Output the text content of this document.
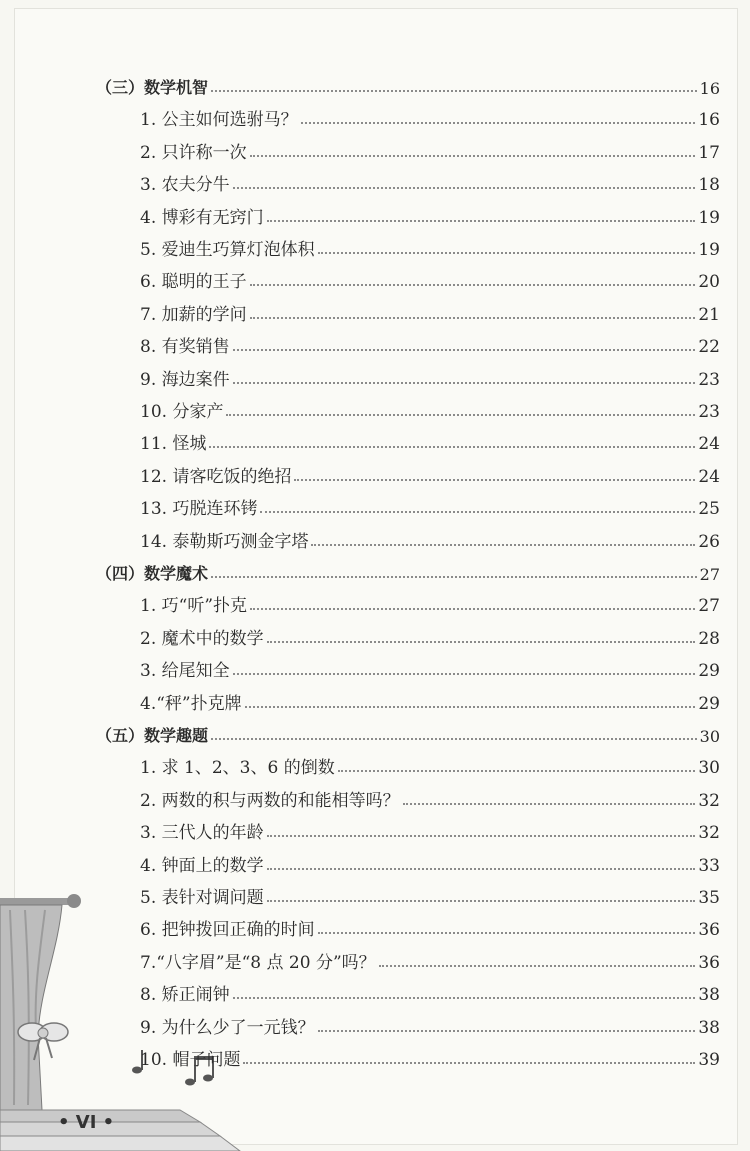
（三）数学机智	16
1. 公主如何选驸马？	16
2. 只许称一次	17
3. 农夫分牛	18
4. 博彩有无窍门	19
5. 爱迪生巧算灯泡体积	19
6. 聪明的王子	20
7. 加薪的学问	21
8. 有奖销售	22
9. 海边案件	23
10. 分家产	23
11. 怪城	24
12. 请客吃饭的绝招	24
13. 巧脱连环铐	25
14. 泰勒斯巧测金字塔	26
（四）数学魔术	27
1. 巧“听”扑克	27
2. 魔术中的数学	28
3. 给尾知全	29
4.“秤”扑克牌	29
（五）数学趣题	30
1. 求 1、2、3、6 的倒数	30
2. 两数的积与两数的和能相等吗？	32
3. 三代人的年龄	32
4. 钟面上的数学	33
5. 表针对调问题	35
6. 把钟拨回正确的时间	36
7.“八字眉”是“8 点 20 分”吗？	36
8. 矫正闹钟	38
9. 为什么少了一元钱？	38
10. 帽子问题	39
• VI •
